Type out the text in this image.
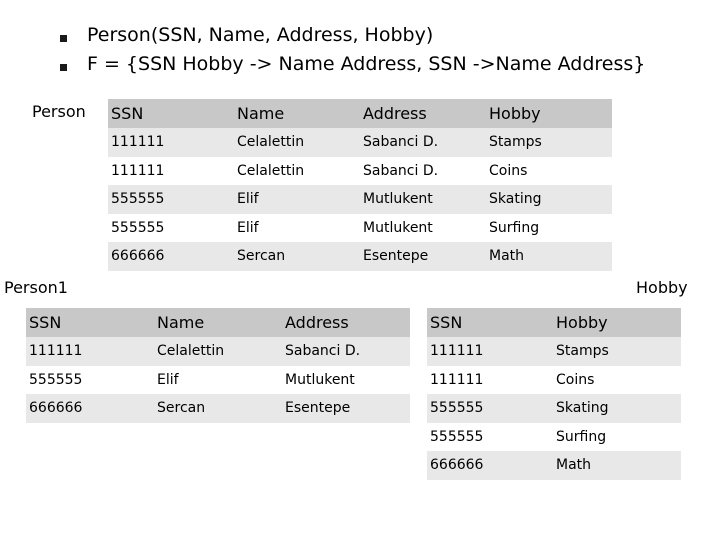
Person(SSN, Name, Address, Hobby)
F = {SSN Hobby -> Name Address, SSN ->Name Address}
Person
Person1	Hobby
SSN	Name	Address	Hobby
111111	Celalettin	Sabanci D.	Stamps
111111	Celalettin	Sabanci D.	Coins
555555	Elif	Mutlukent	Skating
555555	Elif	Mutlukent	Surfing
666666	Sercan	Esentepe	Math
SSN	Name	Address
111111	Celalettin	Sabanci D.
555555	Elif	Mutlukent
666666	Sercan	Esentepe
SSN	Hobby
111111	Stamps
111111	Coins
555555	Skating
555555	Surfing
666666	Math
